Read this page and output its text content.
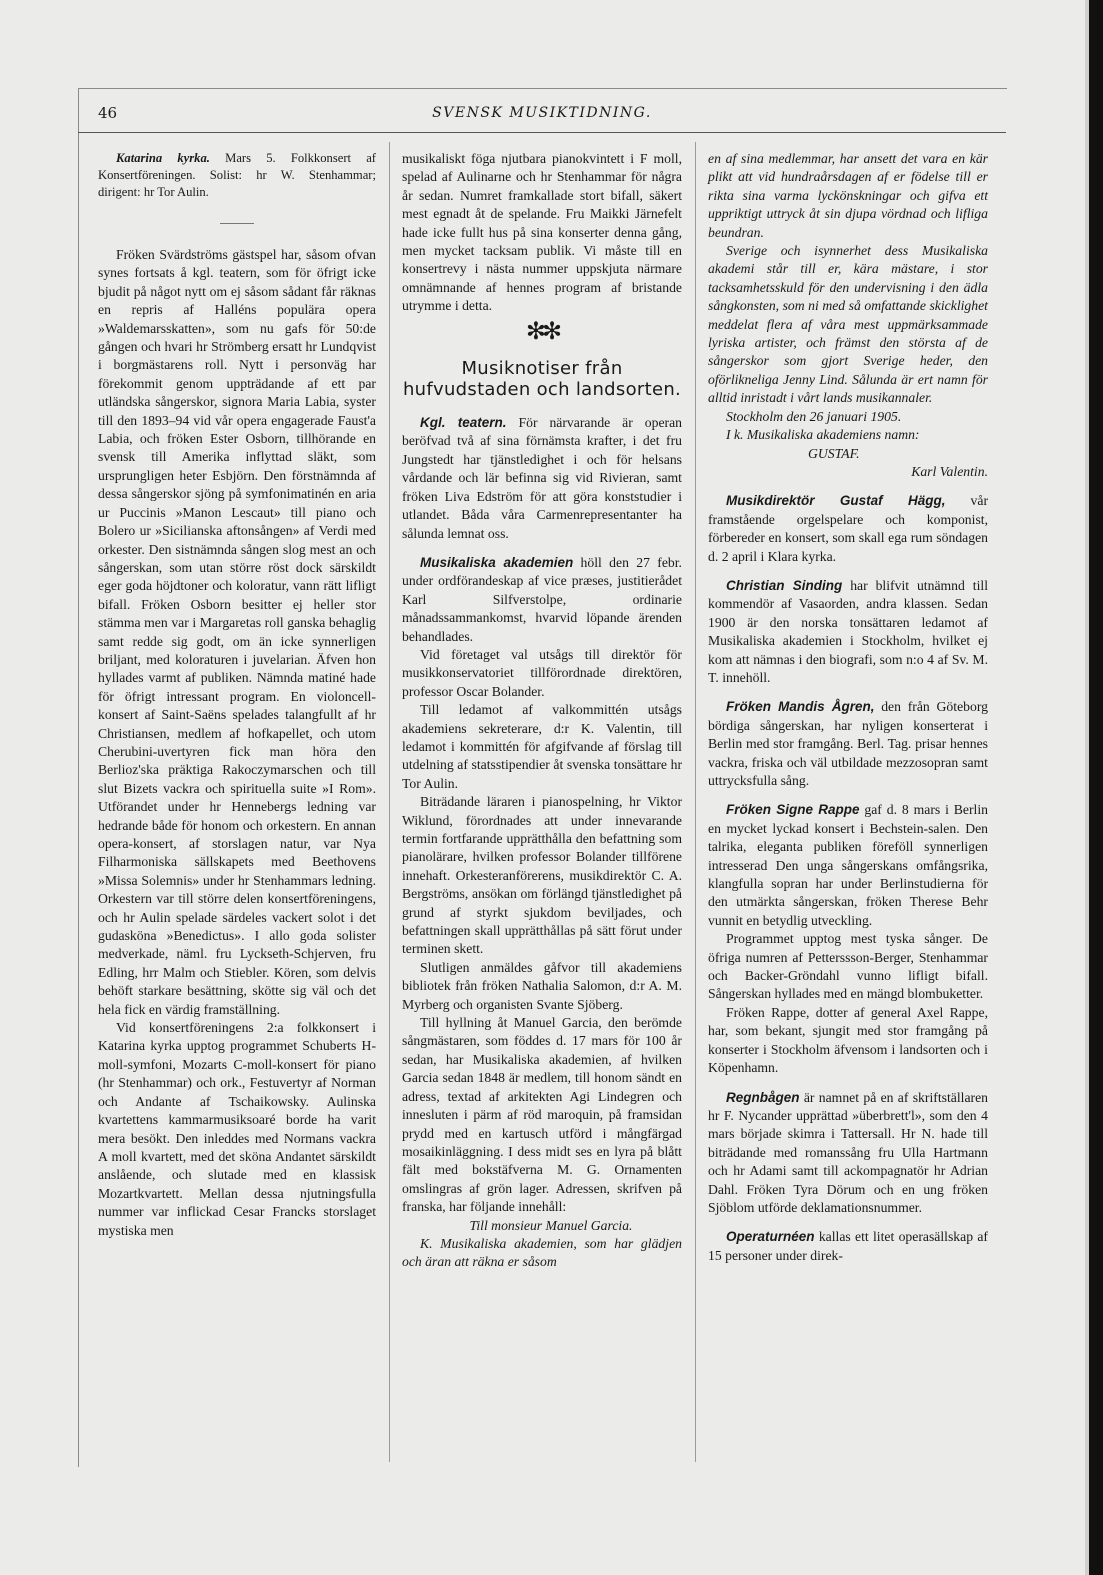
46	SVENSK MUSIKTIDNING.

Katarina kyrka. Mars 5. Folkkonsert af Konsertföreningen. Solist: hr W. Stenhammar; dirigent: hr Tor Aulin.

Fröken Svärdströms gästspel har, såsom ofvan synes fortsats å kgl. teatern, som för öfrigt icke bjudit på något nytt om ej såsom sådant får räknas en repris af Halléns populära opera »Waldemarsskatten», som nu gafs för 50:de gången och hvari hr Strömberg ersatt hr Lundqvist i borgmästarens roll. Nytt i personväg har förekommit genom uppträdande af ett par utländska sångerskor, signora Maria Labia, syster till den 1893–94 vid vår opera engagerade Faust'a Labia, och fröken Ester Osborn, tillhörande en svensk till Amerika inflyttad släkt, som ursprungligen heter Esbjörn. Den förstnämnda af dessa sångerskor sjöng på symfonimatinén en aria ur Puccinis »Manon Lescaut» till piano och Bolero ur »Sicilianska aftonsången» af Verdi med orkester. Den sistnämnda sången slog mest an och sångerskan, som utan större röst dock särskildt eger goda höjdtoner och koloratur, vann rätt lifligt bifall. Fröken Osborn besitter ej heller stor stämma men var i Margaretas roll ganska behaglig samt redde sig godt, om än icke synnerligen briljant, med koloraturen i juvelarian. Äfven hon hyllades varmt af publiken. Nämnda matiné hade för öfrigt intressant program. En violoncell-konsert af Saint-Saëns spelades talangfullt af hr Christiansen, medlem af hofkapellet, och utom Cherubini-uvertyren fick man höra den Berlioz'ska präktiga Rakoczymarschen och till slut Bizets vackra och spirituella suite »I Rom». Utförandet under hr Hennebergs ledning var hedrande både för honom och orkestern. En annan opera-konsert, af storslagen natur, var Nya Filharmoniska sällskapets med Beethovens »Missa Solemnis» under hr Stenhammars ledning. Orkestern var till större delen konsertföreningens, och hr Aulin spelade särdeles vackert solot i det gudasköna »Benedictus». I allo goda solister medverkade, näml. fru Lyckseth-Schjerven, fru Edling, hrr Malm och Stiebler. Kören, som delvis behöft starkare besättning, skötte sig väl och det hela fick en värdig framställning.

Vid konsertföreningens 2:a folkkonsert i Katarina kyrka upptog programmet Schuberts H-moll-symfoni, Mozarts C-moll-konsert för piano (hr Stenhammar) och ork., Festuvertyr af Norman och Andante af Tschaikowsky. Aulinska kvartettens kammarmusiksoaré borde ha varit mera besökt. Den inleddes med Normans vackra A moll kvartett, med det sköna Andantet särskildt anslående, och slutade med en klassisk Mozartkvartett. Mellan dessa njutningsfulla nummer var inflickad Cesar Francks storslaget mystiska men

musikaliskt föga njutbara pianokvintett i F moll, spelad af Aulinarne och hr Stenhammar för några år sedan. Numret framkallade stort bifall, säkert mest egnadt åt de spelande. Fru Maikki Järnefelt hade icke fullt hus på sina konserter denna gång, men mycket tacksam publik. Vi måste till en konsertrevy i nästa nummer uppskjuta närmare omnämnande af hennes program af bristande utrymme i detta.

✻✻
Musiknotiser från hufvudstaden och landsorten.

Kgl. teatern. För närvarande är operan beröfvad två af sina förnämsta krafter, i det fru Jungstedt har tjänstledighet i och för helsans vårdande och lär befinna sig vid Rivieran, samt fröken Liva Edström för att göra konststudier i utlandet. Båda våra Carmenrepresentanter ha sålunda lemnat oss.

Musikaliska akademien höll den 27 febr. under ordförandeskap af vice præses, justitierådet Karl Silfverstolpe, ordinarie månadssammankomst, hvarvid löpande ärenden behandlades.

Vid företaget val utsågs till direktör för musikkonservatoriet tillförordnade direktören, professor Oscar Bolander.

Till ledamot af valkommittén utsågs akademiens sekreterare, d:r K. Valentin, till ledamot i kommittén för afgifvande af förslag till utdelning af statsstipendier åt svenska tonsättare hr Tor Aulin.

Biträdande läraren i pianospelning, hr Viktor Wiklund, förordnades att under innevarande termin fortfarande upprätthålla den befattning som pianolärare, hvilken professor Bolander tillförene innehaft. Orkesteranförerens, musikdirektör C. A. Bergströms, ansökan om förlängd tjänstledighet på grund af styrkt sjukdom beviljades, och befattningen skall upprätthållas på sätt förut under terminen skett.

Slutligen anmäldes gåfvor till akademiens bibliotek från fröken Nathalia Salomon, d:r A. M. Myrberg och organisten Svante Sjöberg.

Till hyllning åt Manuel Garcia, den berömde sångmästaren, som föddes d. 17 mars för 100 år sedan, har Musikaliska akademien, af hvilken Garcia sedan 1848 är medlem, till honom sändt en adress, textad af arkitekten Agi Lindegren och innesluten i pärm af röd maroquin, på framsidan prydd med en kartusch utförd i mångfärgad mosaikinläggning. I dess midt ses en lyra på blått fält med bokstäfverna M. G. Ornamenten omslingras af grön lager. Adressen, skrifven på franska, har följande innehåll:

Till monsieur Manuel Garcia.

K. Musikaliska akademien, som har glädjen och äran att räkna er såsom

en af sina medlemmar, har ansett det vara en kär plikt att vid hundraårsdagen af er födelse till er rikta sina varma lyckönskningar och gifva ett uppriktigt uttryck åt sin djupa vördnad och lifliga beundran.

Sverige och isynnerhet dess Musikaliska akademi står till er, kära mästare, i stor tacksamhetsskuld för den undervisning i den ädla sångkonsten, som ni med så omfattande skicklighet meddelat flera af våra mest uppmärksammade lyriska artister, och främst den största af de sångerskor som gjort Sverige heder, den oförlikneliga Jenny Lind. Sålunda är ert namn för alltid inristadt i vårt lands musikannaler.

Stockholm den 26 januari 1905.

I k. Musikaliska akademiens namn:

GUSTAF.

Karl Valentin.

Musikdirektör Gustaf Hägg, vår framstående orgelspelare och komponist, förbereder en konsert, som skall ega rum söndagen d. 2 april i Klara kyrka.

Christian Sinding har blifvit utnämnd till kommendör af Vasaorden, andra klassen. Sedan 1900 är den norska tonsättaren ledamot af Musikaliska akademien i Stockholm, hvilket ej kom att nämnas i den biografi, som n:o 4 af Sv. M. T. innehöll.

Fröken Mandis Ågren, den från Göteborg bördiga sångerskan, har nyligen konserterat i Berlin med stor framgång. Berl. Tag. prisar hennes vackra, friska och väl utbildade mezzosopran samt uttrycksfulla sång.

Fröken Signe Rappe gaf d. 8 mars i Berlin en mycket lyckad konsert i Bechstein-salen. Den talrika, eleganta publiken föreföll synnerligen intresserad Den unga sångerskans omfångsrika, klangfulla sopran har under Berlinstudierna för den utmärkta sångerskan, fröken Therese Behr vunnit en betydlig utveckling.

Programmet upptog mest tyska sånger. De öfriga numren af Petterssson-Berger, Stenhammar och Backer-Gröndahl vunno lifligt bifall. Sångerskan hyllades med en mängd blombuketter.

Fröken Rappe, dotter af general Axel Rappe, har, som bekant, sjungit med stor framgång på konserter i Stockholm äfvensom i landsorten och i Köpenhamn.

Regnbågen är namnet på en af skriftställaren hr F. Nycander upprättad »überbrett'l», som den 4 mars började skimra i Tattersall. Hr N. hade till biträdande med romanssång fru Ulla Hartmann och hr Adami samt till ackompagnatör hr Adrian Dahl. Fröken Tyra Dörum och en ung fröken Sjöblom utförde deklamationsnummer.

Operaturnéen kallas ett litet operasällskap af 15 personer under direk-
